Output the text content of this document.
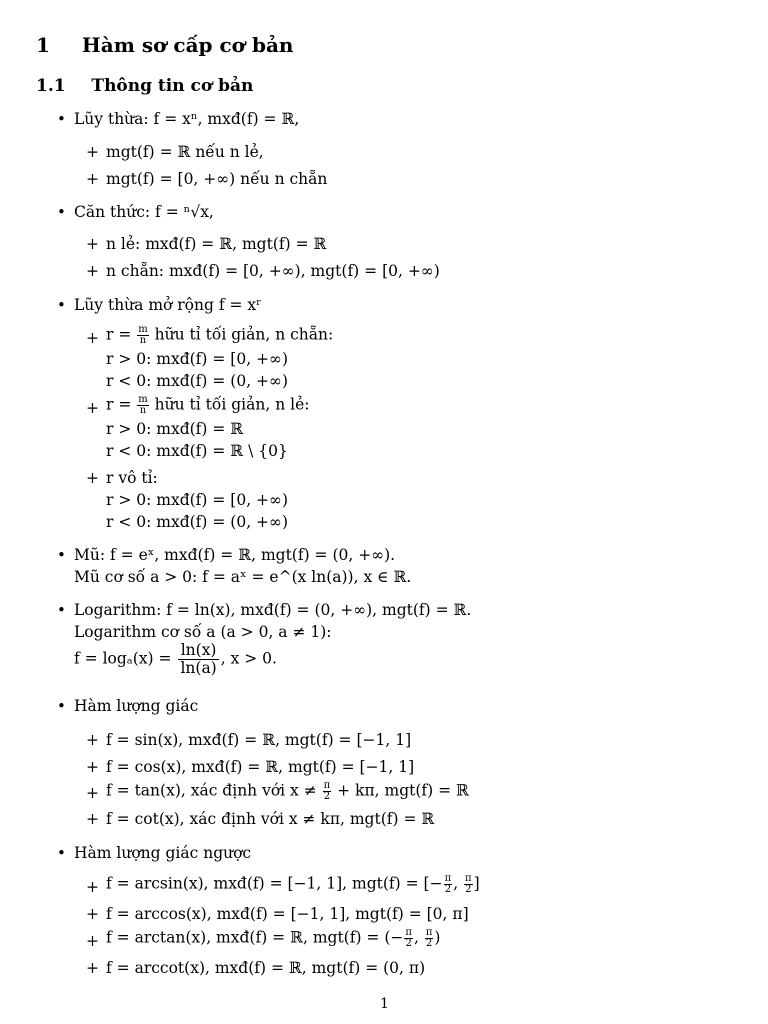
1 Hàm sơ cấp cơ bản
1.1 Thông tin cơ bản
• Lũy thừa: f = xⁿ, mxđ(f) = ℝ,
+ mgt(f) = ℝ nếu n lẻ,
+ mgt(f) = [0, +∞) nếu n chẵn
• Căn thức: f = ⁿ√x,
+ n lẻ: mxđ(f) = ℝ, mgt(f) = ℝ
+ n chẵn: mxđ(f) = [0, +∞), mgt(f) = [0, +∞)
• Lũy thừa mở rộng f = xʳ
+ $r = \frac{m}{n}$ hữu tỉ tối giản, n chẵn:
r > 0: mxđ(f) = [0, +∞)
r < 0: mxđ(f) = (0, +∞)
+ $r = \frac{m}{n}$ hữu tỉ tối giản, n lẻ:
r > 0: mxđ(f) = ℝ
r < 0: mxđ(f) = ℝ \ {0}
+ r vô tỉ:
r > 0: mxđ(f) = [0, +∞)
r < 0: mxđ(f) = (0, +∞)
• Mũ: f = eˣ, mxđ(f) = ℝ, mgt(f) = (0, +∞).
Mũ cơ số a > 0: f = aˣ = e^(x ln(a)), x ∈ ℝ.
• Logarithm: f = ln(x), mxđ(f) = (0, +∞), mgt(f) = ℝ.
Logarithm cơ số a (a > 0, a ≠ 1):
$f = \log_a(x) = \frac{\ln(x)}{\ln(a)}$ , x > 0.
• Hàm lượng giác
+ f = sin(x), mxđ(f) = ℝ, mgt(f) = [−1, 1]
+ f = cos(x), mxđ(f) = ℝ, mgt(f) = [−1, 1]
+ f = tan(x), xác định với $x \ne \frac{\pi}{2} + k\pi$, mgt(f) = ℝ
+ f = cot(x), xác định với x ≠ kπ, mgt(f) = ℝ
• Hàm lượng giác ngược
+ f = arcsin(x), mxđ(f) = [−1, 1], mgt(f) = [− $\frac{\pi}{2}$ , $\frac{\pi}{2}$ ]
+ f = arccos(x), mxđ(f) = [−1, 1], mgt(f) = [0, π]
+ f = arctan(x), mxđ(f) = ℝ, mgt(f) = (− $\frac{\pi}{2}$ , $\frac{\pi}{2}$ )
+ f = arccot(x), mxđ(f) = ℝ, mgt(f) = (0, π)
1
